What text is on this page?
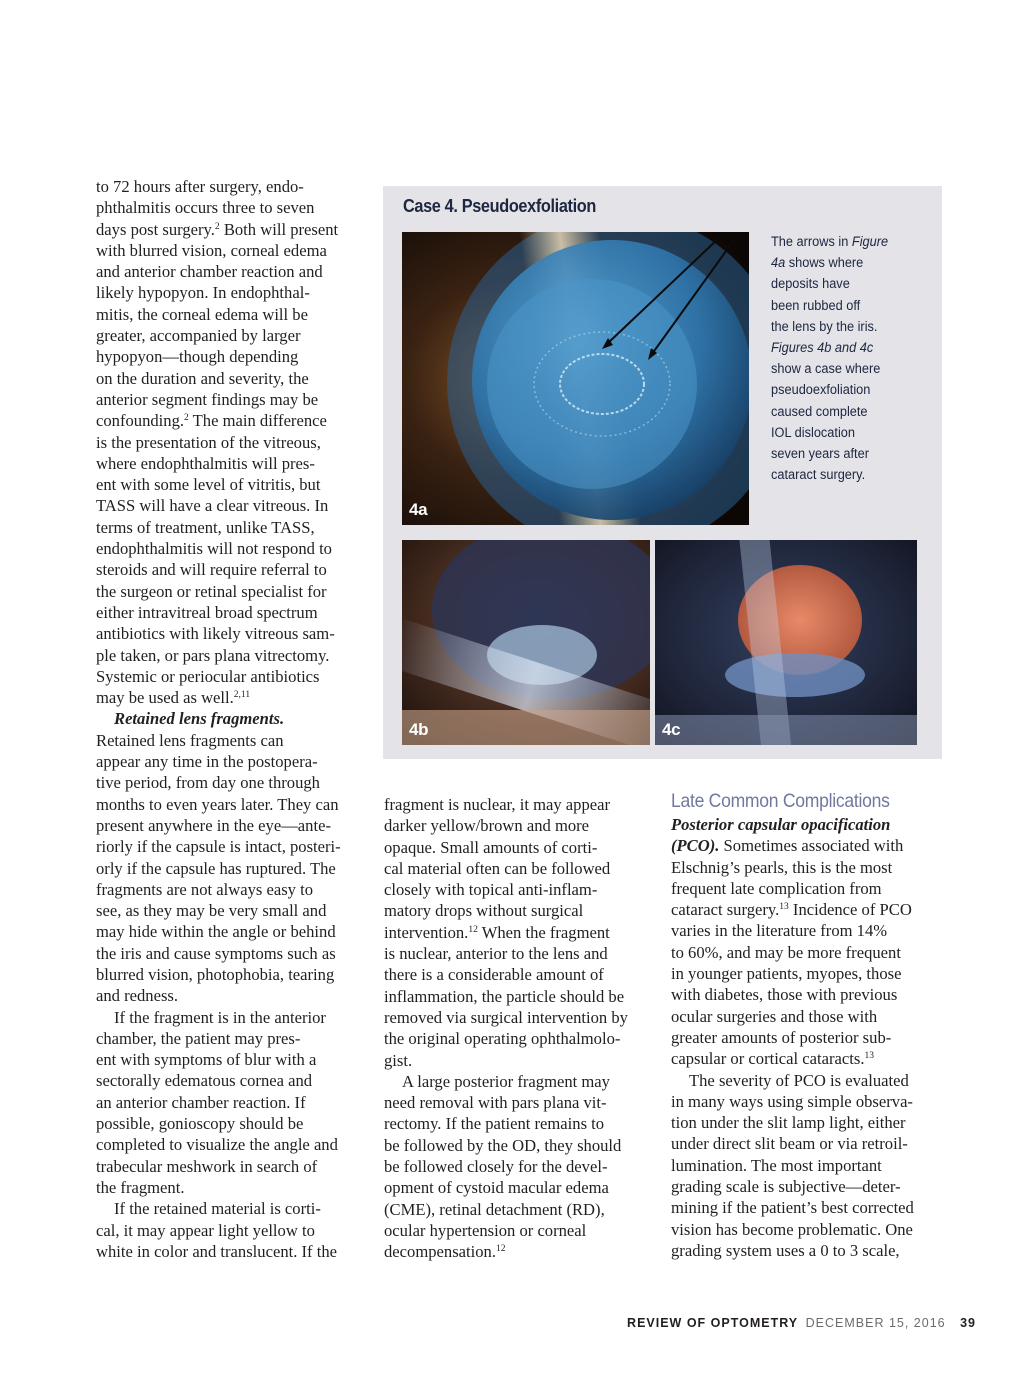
to 72 hours after surgery, endo-
phthalmitis occurs three to seven
days post surgery.$^2$ Both will present
with blurred vision, corneal edema
and anterior chamber reaction and
likely hypopyon. In endophthal-
mitis, the corneal edema will be
greater, accompanied by larger
hypopyon—though depending
on the duration and severity, the
anterior segment findings may be
confounding.$^2$ The main difference
is the presentation of the vitreous,
where endophthalmitis will pres-
ent with some level of vitritis, but
TASS will have a clear vitreous. In
terms of treatment, unlike TASS,
endophthalmitis will not respond to
steroids and will require referral to
the surgeon or retinal specialist for
either intravitreal broad spectrum
antibiotics with likely vitreous sam-
ple taken, or pars plana vitrectomy.
Systemic or periocular antibiotics
may be used as well.$^{2,11}$
Retained lens fragments.
Retained lens fragments can
appear any time in the postopera-
tive period, from day one through
months to even years later. They can
present anywhere in the eye—ante-
riorly if the capsule is intact, posteri-
orly if the capsule has ruptured. The
fragments are not always easy to
see, as they may be very small and
may hide within the angle or behind
the iris and cause symptoms such as
blurred vision, photophobia, tearing
and redness.
If the fragment is in the anterior
chamber, the patient may pres-
ent with symptoms of blur with a
sectorally edematous cornea and
an anterior chamber reaction. If
possible, gonioscopy should be
completed to visualize the angle and
trabecular meshwork in search of
the fragment.
If the retained material is corti-
cal, it may appear light yellow to
white in color and translucent. If the
Case 4. Pseudoexfoliation
4a
4b	4c
The arrows in Figure
4a shows where
deposits have
been rubbed off
the lens by the iris.
Figures 4b and 4c
show a case where
pseudoexfoliation
caused complete
IOL dislocation
seven years after
cataract surgery.
fragment is nuclear, it may appear
darker yellow/brown and more
opaque. Small amounts of corti-
cal material often can be followed
closely with topical anti-inflam-
matory drops without surgical
intervention.$^{12}$ When the fragment
is nuclear, anterior to the lens and
there is a considerable amount of
inflammation, the particle should be
removed via surgical intervention by
the original operating ophthalmolo-
gist.
A large posterior fragment may
need removal with pars plana vit-
rectomy. If the patient remains to
be followed by the OD, they should
be followed closely for the devel-
opment of cystoid macular edema
(CME), retinal detachment (RD),
ocular hypertension or corneal
decompensation.$^{12}$
Late Common Complications
Posterior capsular opacification
(PCO). Sometimes associated with
Elschnig’s pearls, this is the most
frequent late complication from
cataract surgery.$^{13}$ Incidence of PCO
varies in the literature from 14%
to 60%, and may be more frequent
in younger patients, myopes, those
with diabetes, those with previous
ocular surgeries and those with
greater amounts of posterior sub-
capsular or cortical cataracts.$^{13}$
The severity of PCO is evaluated
in many ways using simple observa-
tion under the slit lamp light, either
under direct slit beam or via retroil-
lumination. The most important
grading scale is subjective—deter-
mining if the patient’s best corrected
vision has become problematic. One
grading system uses a 0 to 3 scale,
REVIEW OF OPTOMETRY DECEMBER 15, 2016 39
